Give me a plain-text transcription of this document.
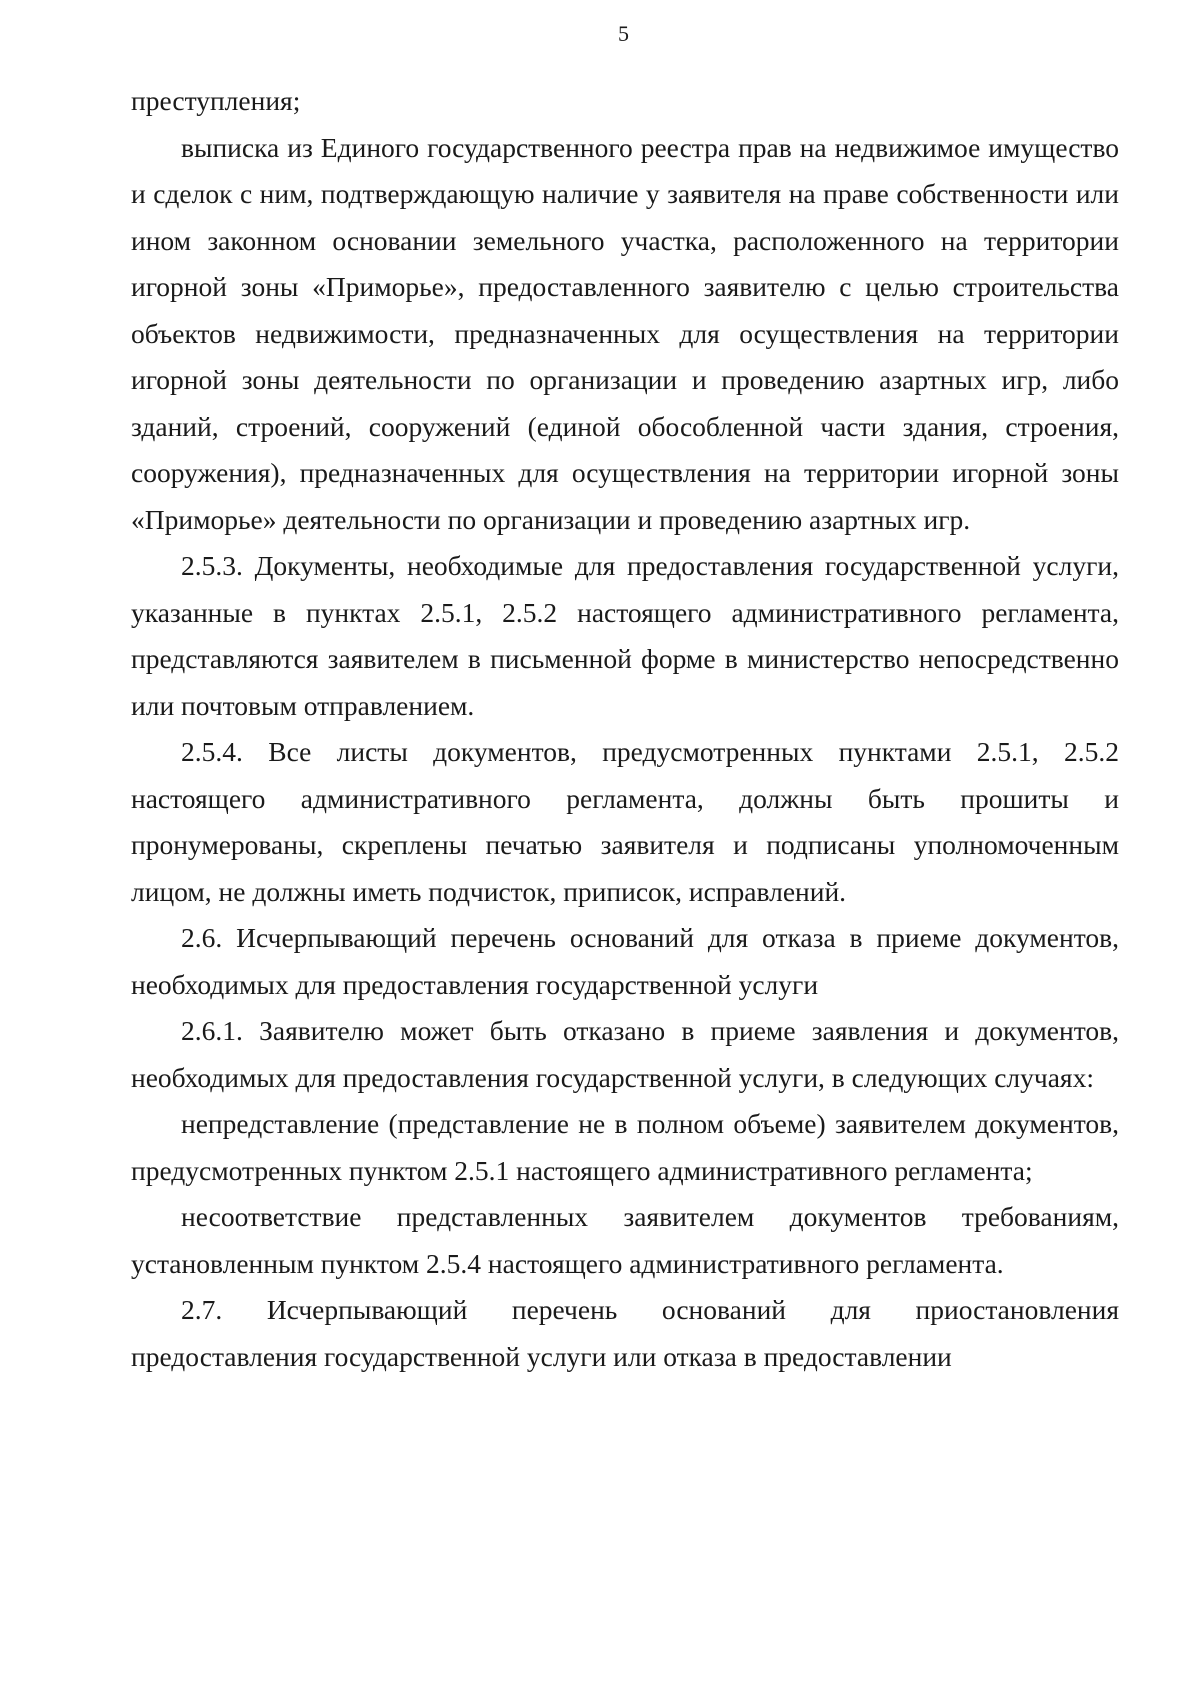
5

преступления;

выписка из Единого государственного реестра прав на недвижимое имущество и сделок с ним, подтверждающую наличие у заявителя на праве собственности или ином законном основании земельного участка, расположенного на территории игорной зоны «Приморье», предоставленного заявителю с целью строительства объектов недвижимости, предназначенных для осуществления на территории игорной зоны деятельности по организации и проведению азартных игр, либо зданий, строений, сооружений (единой обособленной части здания, строения, сооружения), предназначенных для осуществления на территории игорной зоны «Приморье» деятельности по организации и проведению азартных игр.

2.5.3. Документы, необходимые для предоставления государственной услуги, указанные в пунктах 2.5.1, 2.5.2 настоящего административного регламента, представляются заявителем в письменной форме в министерство непосредственно или почтовым отправлением.

2.5.4. Все листы документов, предусмотренных пунктами 2.5.1, 2.5.2 настоящего административного регламента, должны быть прошиты и пронумерованы, скреплены печатью заявителя и подписаны уполномоченным лицом, не должны иметь подчисток, приписок, исправлений.

2.6. Исчерпывающий перечень оснований для отказа в приеме документов, необходимых для предоставления государственной услуги

2.6.1. Заявителю может быть отказано в приеме заявления и документов, необходимых для предоставления государственной услуги, в следующих случаях:

непредставление (представление не в полном объеме) заявителем документов, предусмотренных пунктом 2.5.1 настоящего административного регламента;

несоответствие представленных заявителем документов требованиям, установленным пунктом 2.5.4 настоящего административного регламента.

2.7. Исчерпывающий перечень оснований для приостановления предоставления государственной услуги или отказа в предоставлении
